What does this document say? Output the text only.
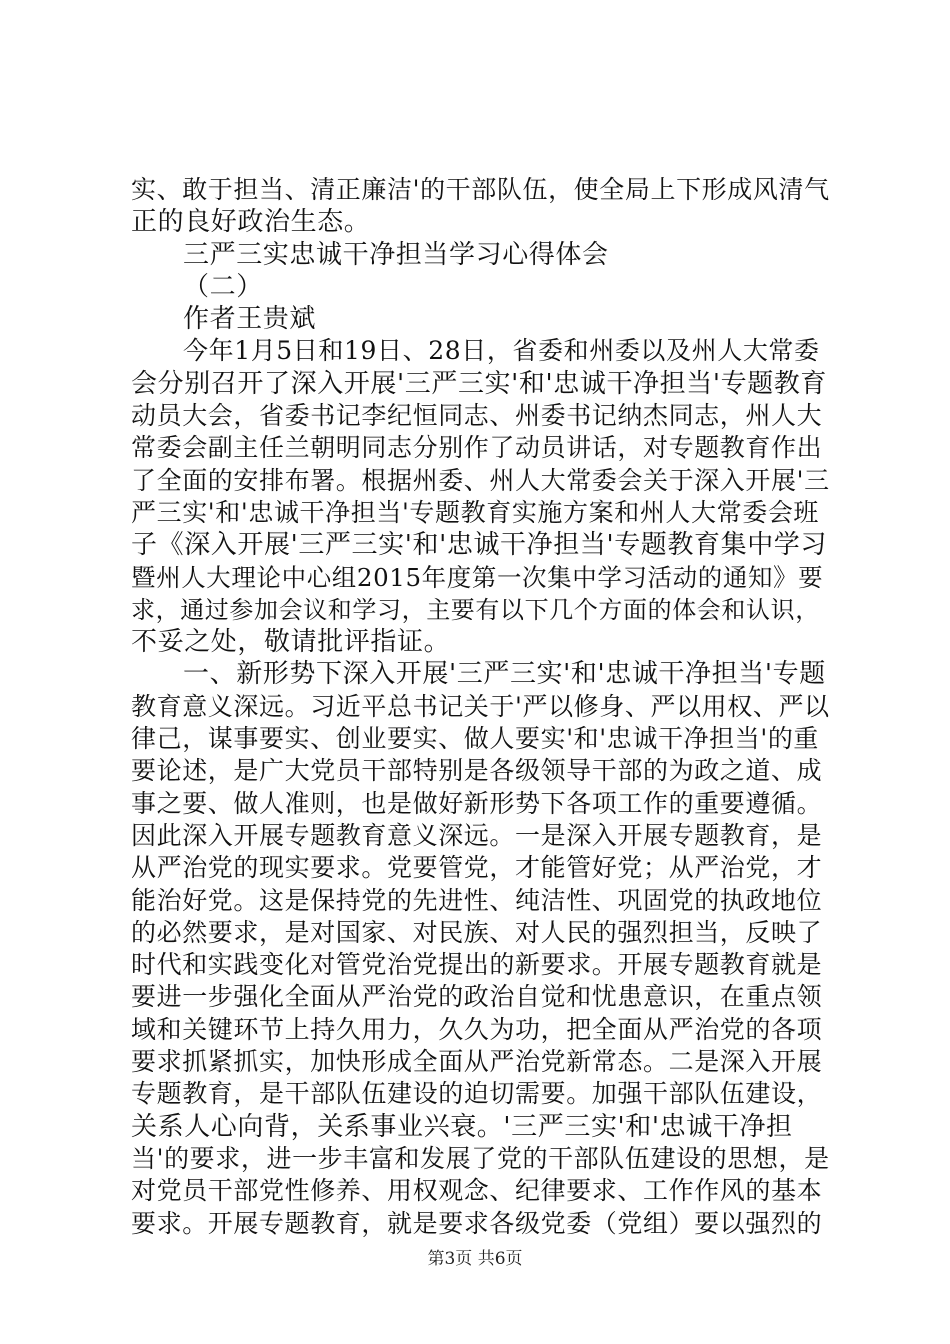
实、敢于担当、清正廉洁'的干部队伍，使全局上下形成风清气
正的良好政治生态。
三严三实忠诚干净担当学习心得体会
（二）
作者王贵斌
今年1月5日和19日、28日，省委和州委以及州人大常委
会分别召开了深入开展'三严三实'和'忠诚干净担当'专题教育
动员大会，省委书记李纪恒同志、州委书记纳杰同志，州人大
常委会副主任兰朝明同志分别作了动员讲话，对专题教育作出
了全面的安排布署。根据州委、州人大常委会关于深入开展'三
严三实'和'忠诚干净担当'专题教育实施方案和州人大常委会班
子《深入开展'三严三实'和'忠诚干净担当'专题教育集中学习
暨州人大理论中心组2015年度第一次集中学习活动的通知》要
求，通过参加会议和学习，主要有以下几个方面的体会和认识，
不妥之处，敬请批评指证。
一、新形势下深入开展'三严三实'和'忠诚干净担当'专题
教育意义深远。习近平总书记关于'严以修身、严以用权、严以
律己，谋事要实、创业要实、做人要实'和'忠诚干净担当'的重
要论述，是广大党员干部特别是各级领导干部的为政之道、成
事之要、做人准则，也是做好新形势下各项工作的重要遵循。
因此深入开展专题教育意义深远。一是深入开展专题教育，是
从严治党的现实要求。党要管党，才能管好党；从严治党，才
能治好党。这是保持党的先进性、纯洁性、巩固党的执政地位
的必然要求，是对国家、对民族、对人民的强烈担当，反映了
时代和实践变化对管党治党提出的新要求。开展专题教育就是
要进一步强化全面从严治党的政治自觉和忧患意识，在重点领
域和关键环节上持久用力，久久为功，把全面从严治党的各项
要求抓紧抓实，加快形成全面从严治党新常态。二是深入开展
专题教育，是干部队伍建设的迫切需要。加强干部队伍建设，
关系人心向背，关系事业兴衰。'三严三实'和'忠诚干净担
当'的要求，进一步丰富和发展了党的干部队伍建设的思想，是
对党员干部党性修养、用权观念、纪律要求、工作作风的基本
要求。开展专题教育，就是要求各级党委（党组）要以强烈的
第3页 共6页
